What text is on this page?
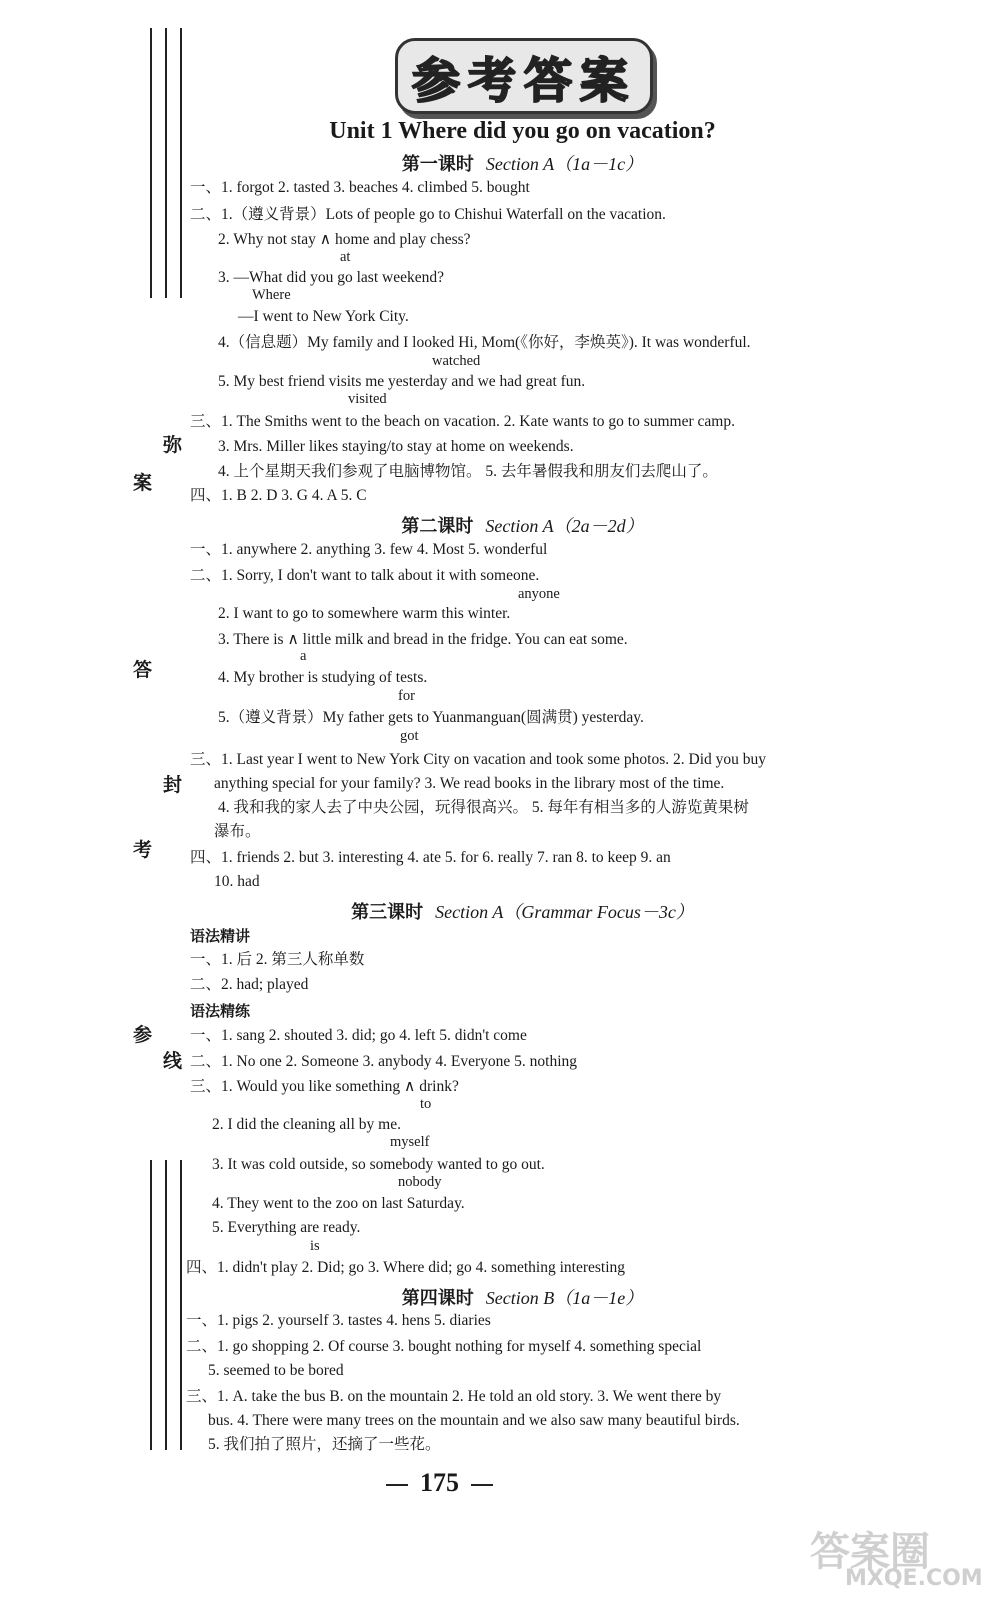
弥
案
答
封
考
参
线
参考答案
Unit 1 Where did you go on vacation?
第一课时 Section A（1a－1c）
一、1. forgot 2. tasted 3. beaches 4. climbed 5. bought
二、1.（遵义背景）Lots of people go to Chishui Waterfall on the vacation.
2. Why not stay ∧ home and play chess?
at
3. —What did you go last weekend?
Where
—I went to New York City.
4.（信息题）My family and I looked Hi, Mom(《你好，李焕英》). It was wonderful.
watched
5. My best friend visits me yesterday and we had great fun.
visited
三、1. The Smiths went to the beach on vacation. 2. Kate wants to go to summer camp.
3. Mrs. Miller likes staying/to stay at home on weekends.
4. 上个星期天我们参观了电脑博物馆。 5. 去年暑假我和朋友们去爬山了。
四、1. B 2. D 3. G 4. A 5. C
第二课时 Section A（2a－2d）
一、1. anywhere 2. anything 3. few 4. Most 5. wonderful
二、1. Sorry, I don't want to talk about it with someone.
anyone
2. I want to go to somewhere warm this winter.
3. There is ∧ little milk and bread in the fridge. You can eat some.
a
4. My brother is studying of tests.
for
5.（遵义背景）My father gets to Yuanmanguan(圆满贯) yesterday.
got
三、1. Last year I went to New York City on vacation and took some photos. 2. Did you buy
anything special for your family? 3. We read books in the library most of the time.
4. 我和我的家人去了中央公园，玩得很高兴。 5. 每年有相当多的人游览黄果树
瀑布。
四、1. friends 2. but 3. interesting 4. ate 5. for 6. really 7. ran 8. to keep 9. an
10. had
第三课时 Section A（Grammar Focus－3c）
语法精讲
一、1. 后 2. 第三人称单数
二、2. had; played
语法精练
一、1. sang 2. shouted 3. did; go 4. left 5. didn't come
二、1. No one 2. Someone 3. anybody 4. Everyone 5. nothing
三、1. Would you like something ∧ drink?
to
2. I did the cleaning all by me.
myself
3. It was cold outside, so somebody wanted to go out.
nobody
4. They went to the zoo on last Saturday.
5. Everything are ready.
is
四、1. didn't play 2. Did; go 3. Where did; go 4. something interesting
第四课时 Section B（1a－1e）
一、1. pigs 2. yourself 3. tastes 4. hens 5. diaries
二、1. go shopping 2. Of course 3. bought nothing for myself 4. something special
5. seemed to be bored
三、1. A. take the bus B. on the mountain 2. He told an old story. 3. We went there by
bus. 4. There were many trees on the mountain and we also saw many beautiful birds.
5. 我们拍了照片，还摘了一些花。
175
答案圈
MXQE.COM
